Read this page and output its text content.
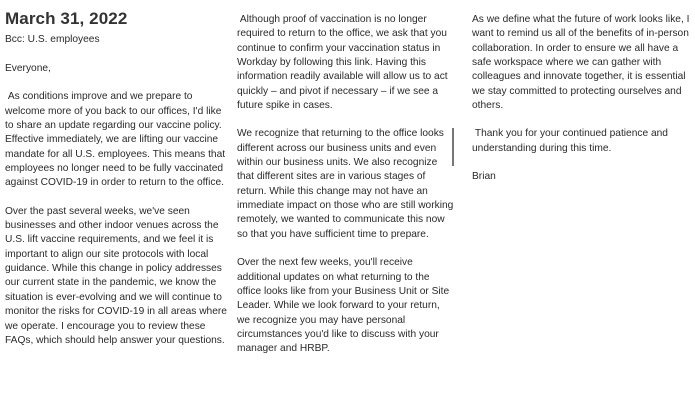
March 31, 2022
Bcc: U.S. employees

Everyone,

As conditions improve and we prepare to welcome more of you back to our offices, I'd like to share an update regarding our vaccine policy. Effective immediately, we are lifting our vaccine mandate for all U.S. employees. This means that employees no longer need to be fully vaccinated against COVID-19 in order to return to the office.

Over the past several weeks, we've seen businesses and other indoor venues across the U.S. lift vaccine requirements, and we feel it is important to align our site protocols with local guidance. While this change in policy addresses our current state in the pandemic, we know the situation is ever-evolving and we will continue to monitor the risks for COVID-19 in all areas where we operate. I encourage you to review these FAQs, which should help answer your questions.

Although proof of vaccination is no longer required to return to the office, we ask that you continue to confirm your vaccination status in Workday by following this link. Having this information readily available will allow us to act quickly – and pivot if necessary – if we see a future spike in cases.

We recognize that returning to the office looks different across our business units and even within our business units. We also recognize that different sites are in various stages of return. While this change may not have an immediate impact on those who are still working remotely, we wanted to communicate this now so that you have sufficient time to prepare.

Over the next few weeks, you'll receive additional updates on what returning to the office looks like from your Business Unit or Site Leader. While we look forward to your return, we recognize you may have personal circumstances you'd like to discuss with your manager and HRBP.

As we define what the future of work looks like, I want to remind us all of the benefits of in-person collaboration. In order to ensure we all have a safe workspace where we can gather with colleagues and innovate together, it is essential we stay committed to protecting ourselves and others.

Thank you for your continued patience and understanding during this time.

Brian
